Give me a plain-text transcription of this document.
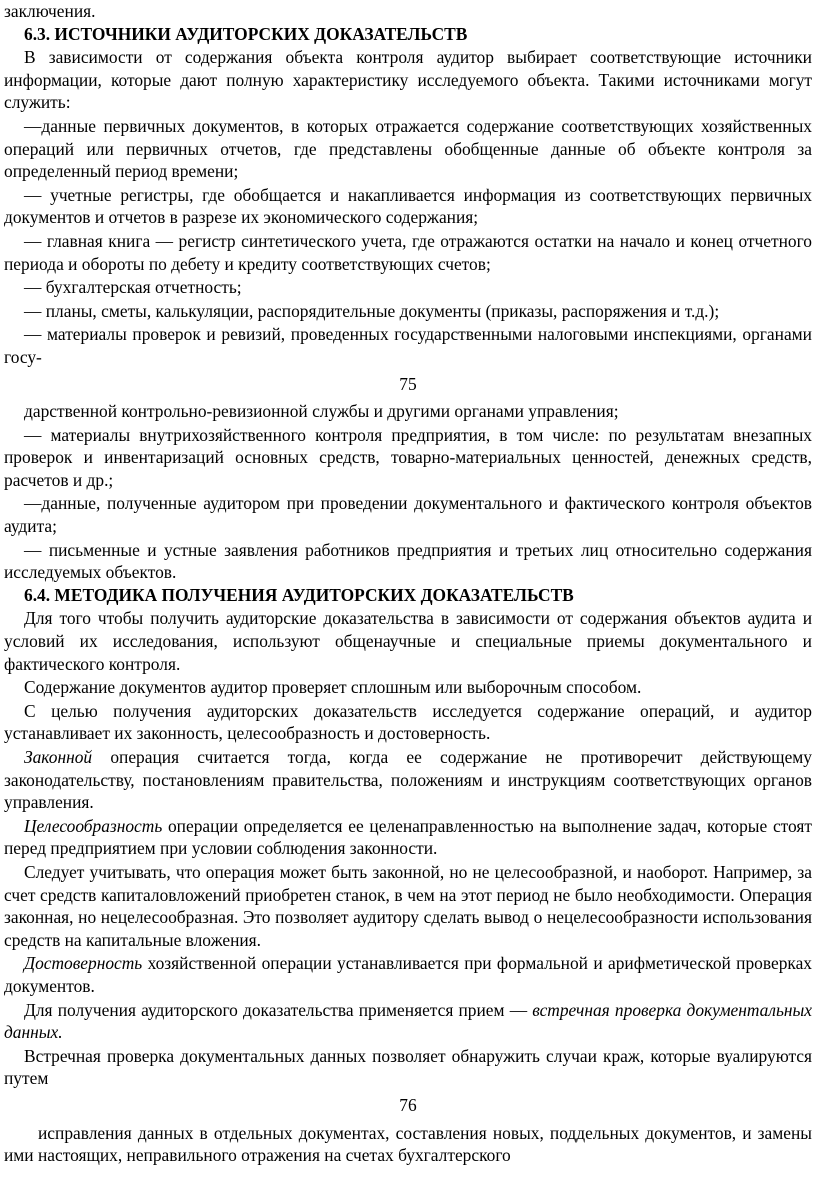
заключения.

6.3. ИСТОЧНИКИ АУДИТОРСКИХ ДОКАЗАТЕЛЬСТВ

В зависимости от содержания объекта контроля аудитор выбирает соответствующие источники информации, которые дают полную характеристику исследуемого объекта. Такими источниками могут служить:

—данные первичных документов, в которых отражается содержание соответствующих хозяйственных операций или первичных отчетов, где представлены обобщенные данные об объекте контроля за определенный период времени;

— учетные регистры, где обобщается и накапливается информация из соответствующих первичных документов и отчетов в разрезе их экономического содержания;

— главная книга — регистр синтетического учета, где отражаются остатки на начало и конец отчетного периода и обороты по дебету и кредиту соответствующих счетов;

— бухгалтерская отчетность;

— планы, сметы, калькуляции, распорядительные документы (приказы, распоряжения и т.д.);

— материалы проверок и ревизий, проведенных государственными налоговыми инспекциями, органами госу-

75

дарственной контрольно-ревизионной службы и другими органами управления;

— материалы внутрихозяйственного контроля предприятия, в том числе: по результатам внезапных проверок и инвентаризаций основных средств, товарно-материальных ценностей, денежных средств, расчетов и др.;

—данные, полученные аудитором при проведении документального и фактического контроля объектов аудита;

— письменные и устные заявления работников предприятия и третьих лиц относительно содержания исследуемых объектов.

6.4. МЕТОДИКА ПОЛУЧЕНИЯ АУДИТОРСКИХ ДОКАЗАТЕЛЬСТВ

Для того чтобы получить аудиторские доказательства в зависимости от содержания объектов аудита и условий их исследования, используют общенаучные и специальные приемы документального и фактического контроля.

Содержание документов аудитор проверяет сплошным или выборочным способом.

С целью получения аудиторских доказательств исследуется содержание операций, и аудитор устанавливает их законность, целесообразность и достоверность.

Законной операция считается тогда, когда ее содержание не противоречит действующему законодательству, постановлениям правительства, положениям и инструкциям соответствующих органов управления.

Целесообразность операции определяется ее целенаправленностью на выполнение задач, которые стоят перед предприятием при условии соблюдения законности.

Следует учитывать, что операция может быть законной, но не целесообразной, и наоборот. Например, за счет средств капиталовложений приобретен станок, в чем на этот период не было необходимости. Операция законная, но нецелесообразная. Это позволяет аудитору сделать вывод о нецелесообразности использования средств на капитальные вложения.

Достоверность хозяйственной операции устанавливается при формальной и арифметической проверках документов.

Для получения аудиторского доказательства применяется прием — встречная проверка документальных данных.

Встречная проверка документальных данных позволяет обнаружить случаи краж, которые вуалируются путем

76

исправления данных в отдельных документах, составления новых, поддельных документов, и замены ими настоящих, неправильного отражения на счетах бухгалтерского
